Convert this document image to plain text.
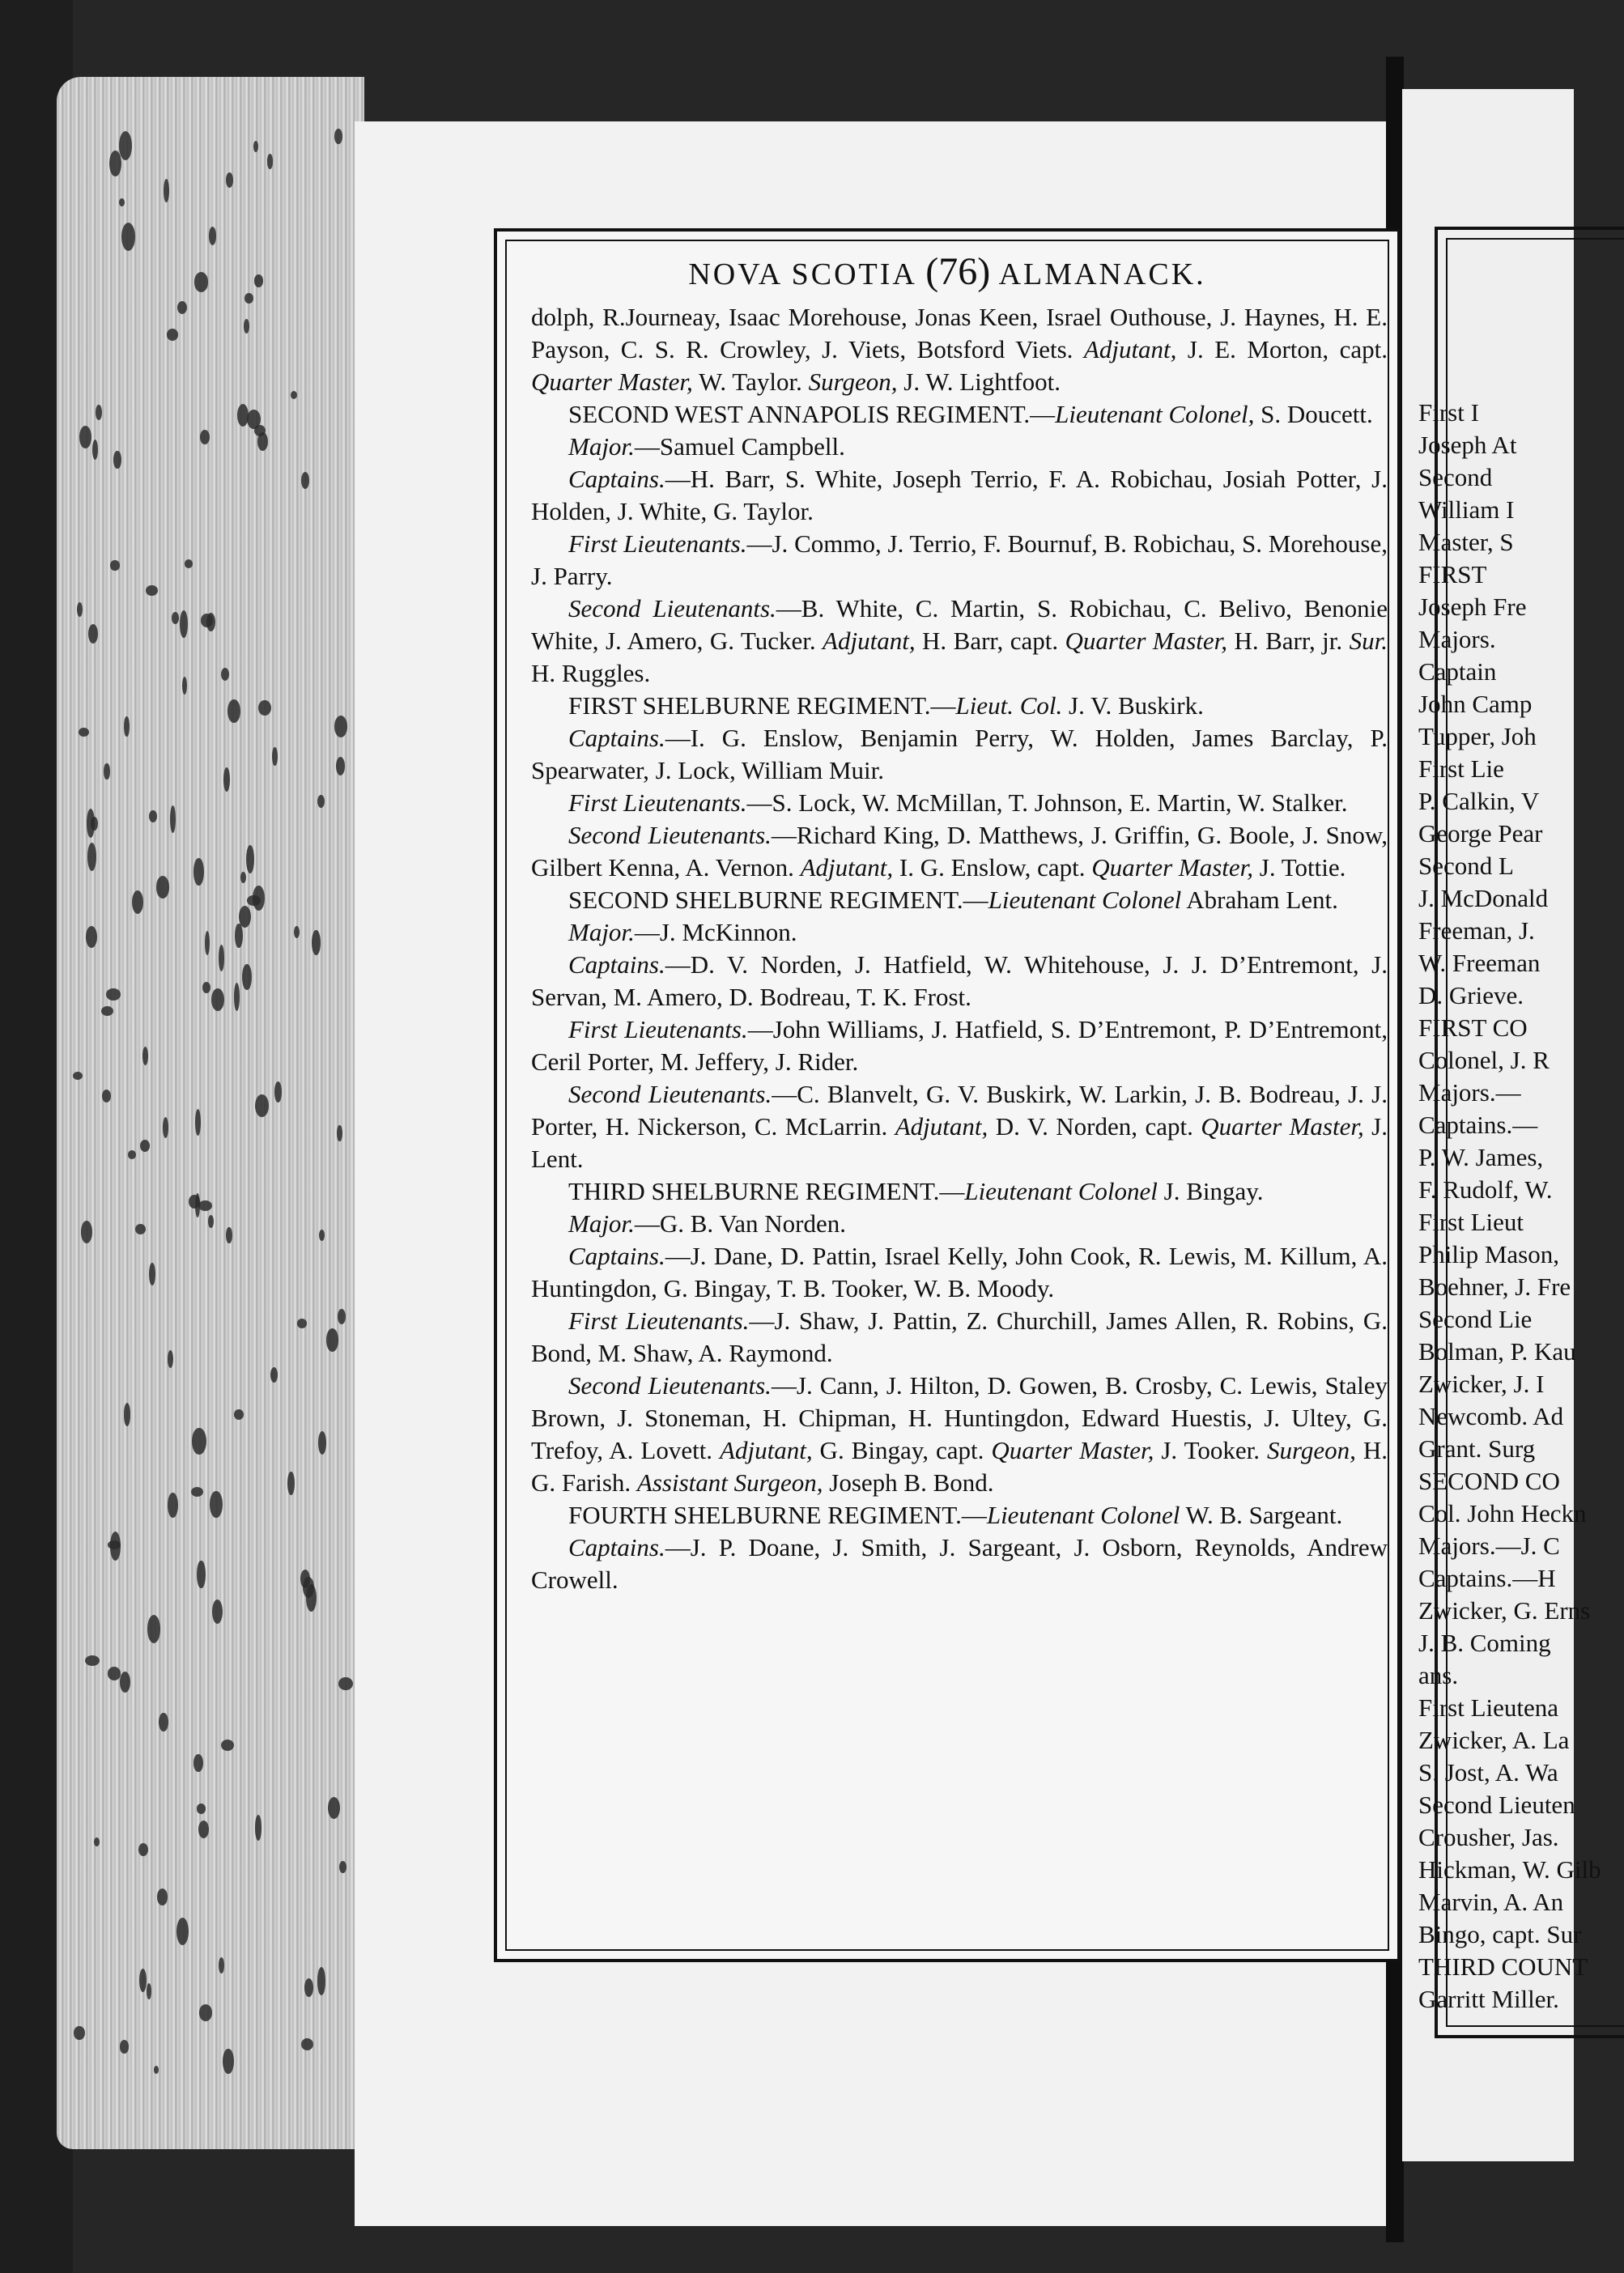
NOVA SCOTIA (76) ALMANACK.

dolph, R.Journeay, Isaac Morehouse, Jonas Keen, Israel Outhouse, J. Haynes, H. E. Payson, C. S. R. Crowley, J. Viets, Botsford Viets. Adjutant, J. E. Morton, capt. Quarter Master, W. Taylor. Surgeon, J. W. Lightfoot.

SECOND WEST ANNAPOLIS REGIMENT.—Lieutenant Colonel, S. Doucett.

Major.—Samuel Campbell.

Captains.—H. Barr, S. White, Joseph Terrio, F. A. Robichau, Josiah Potter, J. Holden, J. White, G. Taylor.

First Lieutenants.—J. Commo, J. Terrio, F. Bournuf, B. Robichau, S. Morehouse, J. Parry.

Second Lieutenants.—B. White, C. Martin, S. Robichau, C. Belivo, Benonie White, J. Amero, G. Tucker. Adjutant, H. Barr, capt. Quarter Master, H. Barr, jr. Sur. H. Ruggles.

FIRST SHELBURNE REGIMENT.—Lieut. Col. J. V. Buskirk.

Captains.—I. G. Enslow, Benjamin Perry, W. Holden, James Barclay, P. Spearwater, J. Lock, William Muir.

First Lieutenants.—S. Lock, W. McMillan, T. Johnson, E. Martin, W. Stalker.

Second Lieutenants.—Richard King, D. Matthews, J. Griffin, G. Boole, J. Snow, Gilbert Kenna, A. Vernon. Adjutant, I. G. Enslow, capt. Quarter Master, J. Tottie.

SECOND SHELBURNE REGIMENT.—Lieutenant Colonel Abraham Lent.

Major.—J. McKinnon.

Captains.—D. V. Norden, J. Hatfield, W. Whitehouse, J. J. D’Entremont, J. Servan, M. Amero, D. Bodreau, T. K. Frost.

First Lieutenants.—John Williams, J. Hatfield, S. D’Entremont, P. D’Entremont, Ceril Porter, M. Jeffery, J. Rider.

Second Lieutenants.—C. Blanvelt, G. V. Buskirk, W. Larkin, J. B. Bodreau, J. J. Porter, H. Nickerson, C. McLarrin. Adjutant, D. V. Norden, capt. Quarter Master, J. Lent.

THIRD SHELBURNE REGIMENT.—Lieutenant Colonel J. Bingay.

Major.—G. B. Van Norden.

Captains.—J. Dane, D. Pattin, Israel Kelly, John Cook, R. Lewis, M. Killum, A. Huntingdon, G. Bingay, T. B. Tooker, W. B. Moody.

First Lieutenants.—J. Shaw, J. Pattin, Z. Churchill, James Allen, R. Robins, G. Bond, M. Shaw, A. Raymond.

Second Lieutenants.—J. Cann, J. Hilton, D. Gowen, B. Crosby, C. Lewis, Staley Brown, J. Stoneman, H. Chipman, H. Huntingdon, Edward Huestis, J. Ultey, G. Trefoy, A. Lovett. Adjutant, G. Bingay, capt. Quarter Master, J. Tooker. Surgeon, H. G. Farish. Assistant Surgeon, Joseph B. Bond.

FOURTH SHELBURNE REGIMENT.—Lieutenant Colonel W. B. Sargeant.

Captains.—J. P. Doane, J. Smith, J. Sargeant, J. Osborn, Reynolds, Andrew Crowell.

First I
Joseph At
Second
William I
Master, S
FIRST
Joseph Fre
Majors.
Captain
John Camp
Tupper, Joh
First Lie
P. Calkin, V
George Pear
Second L
J. McDonald
Freeman, J.
W. Freeman
D. Grieve.
FIRST CO
Colonel, J. R
Majors.—
Captains.—
P. W. James,
F. Rudolf, W.
First Lieut
Philip Mason,
Boehner, J. Fre
Second Lie
Bolman, P. Kau
Zwicker, J. I
Newcomb. Ad
Grant. Surg
SECOND CO
Col. John Heckn
Majors.—J. C
Captains.—H
Zwicker, G. Erns
J. B. Coming
ans.
First Lieutena
Zwicker, A. La
S. Jost, A. Wa
Second Lieuten
Crousher, Jas.
Hickman, W. Gilb
Marvin, A. An
Bingo, capt. Sur
THIRD COUNT
Garritt Miller.
